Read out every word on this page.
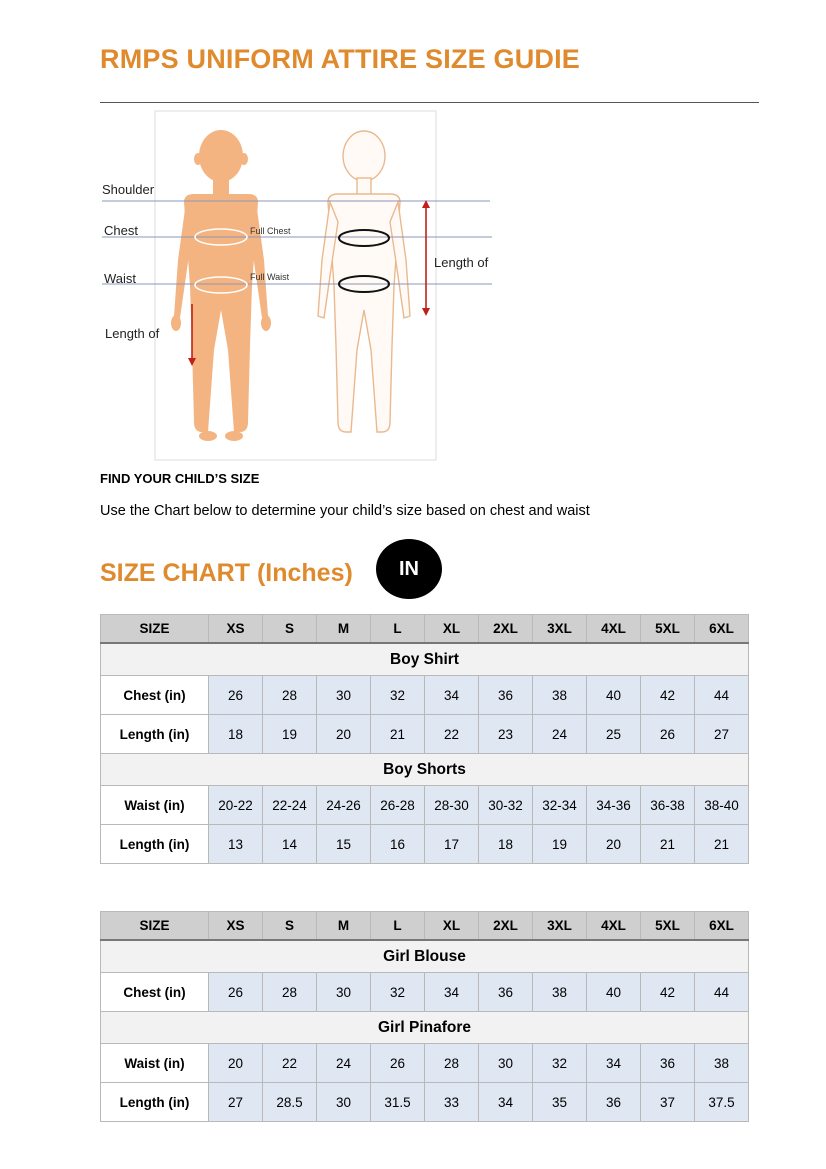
RMPS UNIFORM ATTIRE SIZE GUDIE
Shoulder
Chest
Waist
Length of
Length of
Full Chest
Full Waist
FIND YOUR CHILD’S SIZE
Use the Chart below to determine your child’s size based on chest and waist
SIZE CHART (Inches)	IN
SIZE	XS	S	M	L	XL	2XL	3XL	4XL	5XL	6XL
Boy Shirt										
Chest (in)	26	28	30	32	34	36	38	40	42	44
Length (in)	18	19	20	21	22	23	24	25	26	27
Boy Shorts										
Waist (in)	20-22	22-24	24-26	26-28	28-30	30-32	32-34	34-36	36-38	38-40
Length (in)	13	14	15	16	17	18	19	20	21	21
SIZE	XS	S	M	L	XL	2XL	3XL	4XL	5XL	6XL
Girl Blouse										
Chest (in)	26	28	30	32	34	36	38	40	42	44
Girl Pinafore										
Waist (in)	20	22	24	26	28	30	32	34	36	38
Length (in)	27	28.5	30	31.5	33	34	35	36	37	37.5
